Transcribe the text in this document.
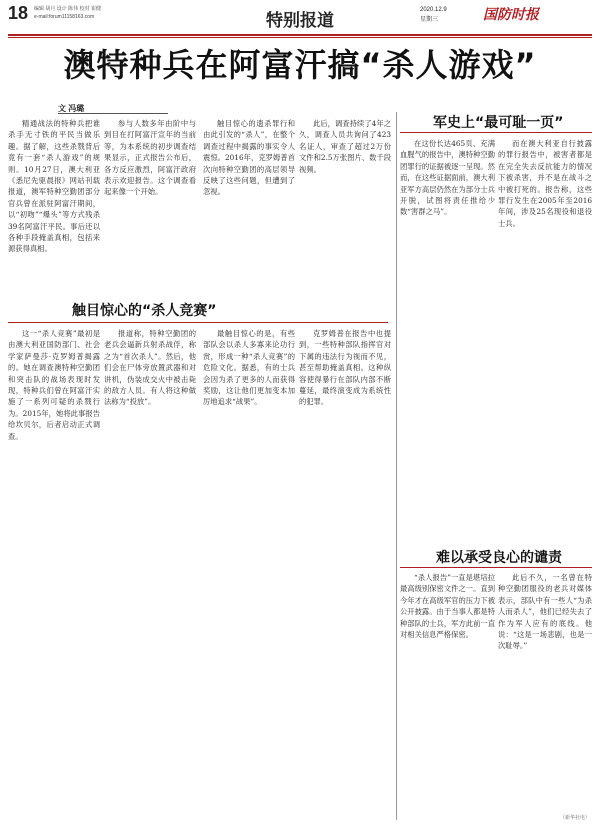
18 编辑 胡月 设计 陈伟 校对 崔健
e-mail:forum11158163.com	特别报道
2020.12.9
星期三	国防时报
澳特种兵在阿富汗搞“杀人游戏”
文 冯璐
精通战法的特种兵把谁杀手无寸铁的平民当做乐趣。据了解，这些杀戮背后竟有一套“杀人游戏”的规则。10月27日，澳大利亚《悉尼先驱晨报》网站刊载报道，澳军特种空勤团部分官兵曾在派驻阿富汗期间，以“初吻”“爆头”等方式残杀39名阿富汗平民。事后还以各种手段掩盖真相，包括来源获得真相。
参与人数多年由阶中与到目在打阿富汗宣年的当前等，为本系统的初步调查结果显示，正式报告公布后，各方反应激烈，阿富汗政府表示欢迎报告。这个调查看起来像一个开始。
触目惊心的遗杀罪行和由此引发的“杀人”，在整个调查过程中揭露的事实令人震惊。2016年，克罗姆普首次向特种空勤团的高层领导反映了这些问题，但遭到了忽视。
此后，调查持续了4年之久，调查人员共询问了423名证人，审查了超过2万份文件和2.5万张图片、数千段视频。
军史上“最可耻一页”
在这份长达465页、充满血腥气的报告中，澳特种空勤团罪行的证据被逐一呈现。然而，在这些证据面前，澳大利亚军方高层仍然在为部分士兵开脱，试图将责任推给少数“害群之马”。
而在澳大利亚自行披露的罪行报告中，被害者都是在完全失去反抗能力的情况下被杀害，并不是在战斗之中被打死的。报告称，这些罪行发生在2005年至2016年间，涉及25名现役和退役士兵。
触目惊心的“杀人竞赛”
这一“杀人竞赛”最初是由澳大利亚国防部门、社会学家萨曼莎·克罗姆普揭露的。她在调查澳特种空勤团和突击队的战场表现时发现，特种兵们曾在阿富汗实施了一系列可疑的杀戮行为。2015年，她将此事报告给坎贝尔，后者启动正式调查。
报道称，特种空勤团的老兵会逼新兵射杀战俘，称之为“首次杀人”。然后，他们会在尸体旁放置武器和对讲机，伪装成交火中被击毙的敌方人员。有人将这种做法称为“投放”。
最触目惊心的是，有些部队会以杀人多寡来论功行赏，形成一种“杀人竞赛”的危险文化。据悉，有的士兵会因为杀了更多的人而获得奖励，这让他们更加变本加厉地追求“战果”。
克罗姆普在报告中也提到，一些特种部队指挥官对下属的违法行为视而不见，甚至帮助掩盖真相。这种纵容使得暴行在部队内部不断蔓延，最终演变成为系统性的犯罪。
难以承受良心的谴责
“杀人报告”一直是堪培拉最高级别保密文件之一。直到今年才在高级军官的压力下被公开披露。由于当事人都是特种部队的士兵，军方此前一直对相关信息严格保密。
此后不久，一名曾在特种空勤团服役的老兵对媒体表示，部队中有一些人“为杀人而杀人”，他们已经失去了作为军人应有的底线。他说：“这是一场悲剧，也是一次耻辱。”
（新华社电）
